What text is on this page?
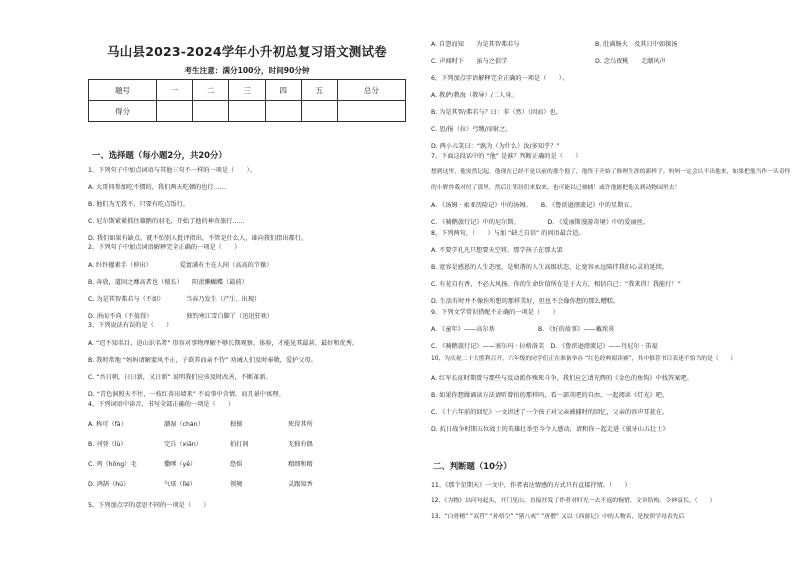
马山县2023-2024学年小升初总复习语文测试卷
考生注意：满分100分，时间90分钟
题号	一	二	三	四	五	总分
得分						
一、选择题（每小题2分，共20分）
1、下列句子中加点词语与其他三句不一样的一项是（　　）。
A. 大哥同参加吃不惯的，我们两天吃顿的也行……
B. 他们为无我不，只要有吃点饭行。
C. 尼尔斯紧紧抓住雄鹅的羽毛，开始了他的神奇旅行……
D. 我们如果有缺点，就不怕别人批评指出，不管是什么人，谁向我们指出都行。
2、下列句子中加点词语解释完全正确的一项是（　　）
A. 纤纤擢素手（伸出）　　　　　爱富满有主在人间（高高的节操）
B. 奔放，道固之靡高者也（擅长）　　阳羡懒蝴蝶（最前）
C. 为是其智弗若与（不如）　　　　当春乃发生（产生、出现）
D. 涓而不尚（不值得）　　　　　　独钓寒江雪白脚丫（迅迅狂欢）
3、下列说法有误的是（　　）
A. “迟不知名目，迫山识名者” 形容对事物理解不够长期观察、体验，才能见其最甚、最好和优秀。
B. 我时常地 “妈妈请解蒙风不止，子欲养而亲不待” 劝诫人们及时奉敬，爱护父母。
C. “吾日朝，日日新，又日新” 说明我们应该及时改善，不断革新。
D. “青色洞照天不往，一枝红杏出墙来” 不说事中含情，而且景中寓理。
4、下列词语中读音、书写全部正确的一项是（　　）
A. 称可（fā）	潮湿（chán）	独擅	死得其所
B. 刊登（lù）	完兵（xiān）	拍打间	无独有偶
C. 鸡（hōng）毛	撒嗲（yē）	恐惧	精细和精
D. 鸿鹄（hú）	气球（lǐé）	领境	灵跟知香
5、下列加点字的意思不同的一项是（　　）
A. 自怨而知　　为是其智弗若与	B. 肚满肠火　及其日中如探汤
C. 声闻时下　　虽与之俱学	D. 念乌夜桃　　走潮风声
6、下列加点字语解释完全正确的一项是（　　）。
A. 教萨/教海（教导）/二人身。
B. 为是其智/弗若与？曰：非（然）（因而）也。
C. 思/报（拉）弓缴/而射之。
D. 两小儿笑曰：“孰为（为什么）汝/多知乎？”
7、下面这段话中的 “他” 是谁？判断正确的是（　　）
想到这里，他突然记起，他现在已经不是以前的那个他了，他终于开始了修理生涯的新样子。妈妈一定会认不出他来，如果把他当作一头奇怪
的小野兽我对付了那里，然后让邻居们来取来。也可能以已被捕！或许他能把他关到动物园里去！
A. 《汤姆 · 索亚历险记》中的汤姆。　　B. 《鲁滨逊漂流记》中的星期五。
C. 《骑鹅旅行记》中的尼尔斯。　　　　　D. 《爱丽斯漫游奇境》中的爱丽丝。
8、下列两句，（　　）与加 “缺乏自信” 的问语最合适。
A. 不要学孔凡只想要天空将，那学孩子在那大罢
B. 宽容是感恩的人生态度，是和谐的人生高级状态，让宽容永远陪伴我们心灵的延续。
C. 有花自有香，不必大风扬。你的生命价值所在是于大方，相信自己：“我来得！我能行！”
D. 生活有时并不像你所想的那样美好，但也不会像你想的那么糟糕。
9、下列文学常识搭配不正确的一项是（　　）
A. 《童年》——高尔基　　　　　　　B. 《好的故事》——戴埃莫
C. 《骑鹅旅行记》——塞尔玛 · 拉格洛芙　D. 《鲁滨逊漂流记》——丹尼尔 · 笛福
10、为庆祝二十大胜利召开，六年级的同学们正在准备举办 “红色经典阅读赛”，其中推荐书目表述不恰当的是（　　）
A. 红军长征时期曾与那些与反动派作殊死斗争，我们应乞请光辉的《金色的鱼钩》中找答案吧。
B. 如果你想做诵读方法请听曾拍的那样吗，看一部英吧的自由，一起阅读《灯光》吧。
C. 《十六年前的回忆》一文讲述了一个孩子对父亲被捕时的回忆，父亲的容声耳犹在。
D. 抗日战争时期五位战士的英雄壮举至今令人感动，请和你一起走进《狼牙山五壮士》
二、判断题（10分）
11、《那个星期天》一文中，作者表达情感的方式只有直接抒情。（　　）
12、《为物》以问句起头，开门见山，直接抒发了作者对时光一去不返的惋惜，文章结构，令神益长。（　　）
13、“白骨精” “双舀” “孙悟空” “猪八戒” “唐僧” 又以《西游记》中的人物名，是按照学母表先后
